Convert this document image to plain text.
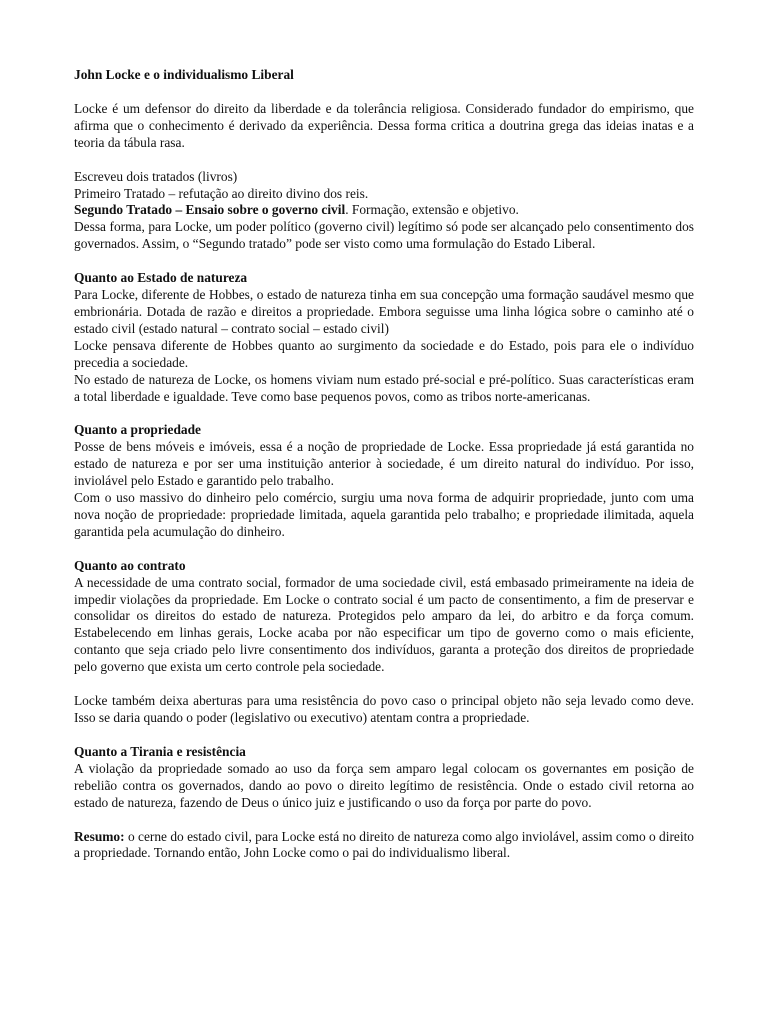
John Locke e o individualismo Liberal

Locke é um defensor do direito da liberdade e da tolerância religiosa. Considerado fundador do empirismo, que afirma que o conhecimento é derivado da experiência. Dessa forma critica a doutrina grega das ideias inatas e a teoria da tábula rasa.

Escreveu dois tratados (livros)

Primeiro Tratado – refutação ao direito divino dos reis.

Segundo Tratado – Ensaio sobre o governo civil. Formação, extensão e objetivo.

Dessa forma, para Locke, um poder político (governo civil) legítimo só pode ser alcançado pelo consentimento dos governados. Assim, o “Segundo tratado” pode ser visto como uma formulação do Estado Liberal.

Quanto ao Estado de natureza

Para Locke, diferente de Hobbes, o estado de natureza tinha em sua concepção uma formação saudável mesmo que embrionária. Dotada de razão e direitos a propriedade. Embora seguisse uma linha lógica sobre o caminho até o estado civil (estado natural – contrato social – estado civil)

Locke pensava diferente de Hobbes quanto ao surgimento da sociedade e do Estado, pois para ele o indivíduo precedia a sociedade.

No estado de natureza de Locke, os homens viviam num estado pré-social e pré-político. Suas características eram a total liberdade e igualdade. Teve como base pequenos povos, como as tribos norte-americanas.

Quanto a propriedade

Posse de bens móveis e imóveis, essa é a noção de propriedade de Locke. Essa propriedade já está garantida no estado de natureza e por ser uma instituição anterior à sociedade, é um direito natural do indivíduo. Por isso, inviolável pelo Estado e garantido pelo trabalho.

Com o uso massivo do dinheiro pelo comércio, surgiu uma nova forma de adquirir propriedade, junto com uma nova noção de propriedade: propriedade limitada, aquela garantida pelo trabalho; e propriedade ilimitada, aquela garantida pela acumulação do dinheiro.

Quanto ao contrato

A necessidade de uma contrato social, formador de uma sociedade civil, está embasado primeiramente na ideia de impedir violações da propriedade. Em Locke o contrato social é um pacto de consentimento, a fim de preservar e consolidar os direitos do estado de natureza. Protegidos pelo amparo da lei, do arbitro e da força comum. Estabelecendo em linhas gerais, Locke acaba por não especificar um tipo de governo como o mais eficiente, contanto que seja criado pelo livre consentimento dos indivíduos, garanta a proteção dos direitos de propriedade pelo governo que exista um certo controle pela sociedade.

Locke também deixa aberturas para uma resistência do povo caso o principal objeto não seja levado como deve. Isso se daria quando o poder (legislativo ou executivo) atentam contra a propriedade.

Quanto a Tirania e resistência

A violação da propriedade somado ao uso da força sem amparo legal colocam os governantes em posição de rebelião contra os governados, dando ao povo o direito legítimo de resistência. Onde o estado civil retorna ao estado de natureza, fazendo de Deus o único juiz e justificando o uso da força por parte do povo.

Resumo: o cerne do estado civil, para Locke está no direito de natureza como algo inviolável, assim como o direito a propriedade. Tornando então, John Locke como o pai do individualismo liberal.
